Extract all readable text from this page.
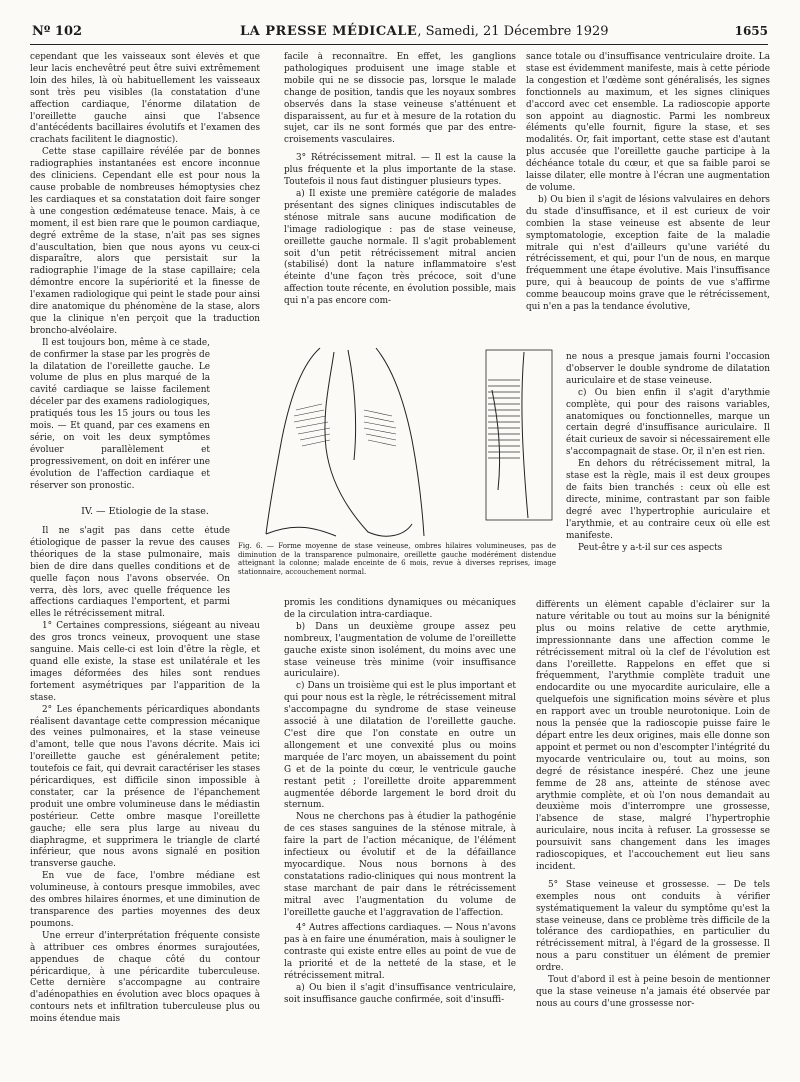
Nº 102	LA PRESSE MÉDICALE, Samedi, 21 Décembre 1929	1655

cependant que les vaisseaux sont élevés et que leur lacis enchevêtré peut être suivi extrêmement loin des hiles, là où habituellement les vaisseaux sont très peu visibles (la constatation d'une affection cardiaque, l'énorme dilatation de l'oreillette gauche ainsi que l'absence d'antécédents bacillaires évolutifs et l'examen des crachats facilitent le diagnostic).

Cette stase capillaire révélée par de bonnes radiographies instantanées est encore inconnue des cliniciens. Cependant elle est pour nous la cause probable de nombreuses hémoptysies chez les cardiaques et sa constatation doit faire songer à une congestion œdémateuse tenace. Mais, à ce moment, il est bien rare que le poumon cardiaque, degré extrême de la stase, n'ait pas ses signes d'auscultation, bien que nous ayons vu ceux-ci disparaître, alors que persistait sur la radiographie l'image de la stase capillaire; cela démontre encore la supériorité et la finesse de l'examen radiologique qui peint le stade pour ainsi dire anatomique du phénomène de la stase, alors que la clinique n'en perçoit que la traduction broncho-alvéolaire.

Il est toujours bon, même à ce stade, de confirmer la stase par les progrès de la dilatation de l'oreillette gauche. Le volume de plus en plus marqué de la cavité cardiaque se laisse facilement déceler par des examens radiologiques, pratiqués tous les 15 jours ou tous les mois. — Et quand, par ces examens en série, on voit les deux symptômes évoluer parallèlement et progressivement, on doit en inférer une évolution de l'affection cardiaque et réserver son pronostic.

IV. — Etiologie de la stase.

Il ne s'agit pas dans cette étude étiologique de passer la revue des causes théoriques de la stase pulmonaire, mais bien de dire dans quelles conditions et de quelle façon nous l'avons observée. On verra, dès lors, avec quelle fréquence les affections cardiaques l'emportent, et parmi elles le rétrécissement mitral.

1° Certaines compressions, siégeant au niveau des gros troncs veineux, provoquent une stase sanguine. Mais celle-ci est loin d'être la règle, et quand elle existe, la stase est unilatérale et les images déformées des hiles sont rendues fortement asymétriques par l'apparition de la stase.

2° Les épanchements péricardiques abondants réalisent davantage cette compression mécanique des veines pulmonaires, et la stase veineuse d'amont, telle que nous l'avons décrite. Mais ici l'oreillette gauche est généralement petite; toutefois ce fait, qui devrait caractériser les stases péricardiques, est difficile sinon impossible à constater, car la présence de l'épanchement produit une ombre volumineuse dans le médiastin postérieur. Cette ombre masque l'oreillette gauche; elle sera plus large au niveau du diaphragme, et supprimera le triangle de clarté inférieur, que nous avons signalé en position transverse gauche.

En vue de face, l'ombre médiane est volumineuse, à contours presque immobiles, avec des ombres hilaires énormes, et une diminution de transparence des parties moyennes des deux poumons.

Une erreur d'interprétation fréquente consiste à attribuer ces ombres énormes surajoutées, appendues de chaque côté du contour péricardique, à une péricardite tuberculeuse. Cette dernière s'accompagne au contraire d'adénopathies en évolution avec blocs opaques à contours nets et infiltration tuberculeuse plus ou moins étendue mais

facile à reconnaître. En effet, les ganglions pathologiques produisent une image stable et mobile qui ne se dissocie pas, lorsque le malade change de position, tandis que les noyaux sombres observés dans la stase veineuse s'atténuent et disparaissent, au fur et à mesure de la rotation du sujet, car ils ne sont formés que par des entre-croisements vasculaires.

3° Rétrécissement mitral. — Il est la cause la plus fréquente et la plus importante de la stase. Toutefois il nous faut distinguer plusieurs types.

a) Il existe une première catégorie de malades présentant des signes cliniques indiscutables de sténose mitrale sans aucune modification de l'image radiologique : pas de stase veineuse, oreillette gauche normale. Il s'agit probablement soit d'un petit rétrécissement mitral ancien (stabilisé) dont la nature inflammatoire s'est éteinte d'une façon très précoce, soit d'une affection toute récente, en évolution possible, mais qui n'a pas encore com-

sance totale ou d'insuffisance ventriculaire droite. La stase est évidemment manifeste, mais à cette période la congestion et l'œdème sont généralisés, les signes fonctionnels au maximum, et les signes cliniques d'accord avec cet ensemble. La radioscopie apporte son appoint au diagnostic. Parmi les nombreux éléments qu'elle fournit, figure la stase, et ses modalités. Or, fait important, cette stase est d'autant plus accusée que l'oreillette gauche participe à la déchéance totale du cœur, et que sa faible paroi se laisse dilater, elle montre à l'écran une augmentation de volume.

b) Ou bien il s'agit de lésions valvulaires en dehors du stade d'insuffisance, et il est curieux de voir combien la stase veineuse est absente de leur symptomatologie, exception faite de la maladie mitrale qui n'est d'ailleurs qu'une variété du rétrécissement, et qui, pour l'un de nous, en marque fréquemment une étape évolutive. Mais l'insuffisance pure, qui à beaucoup de points de vue s'affirme comme beaucoup moins grave que le rétrécissement, qui n'en a pas la tendance évolutive,

Fig. 6. — Forme moyenne de stase veineuse, ombres hilaires volumineuses, pas de diminution de la transparence pulmonaire, oreillette gauche modérément distendue atteignant la colonne; malade enceinte de 6 mois, revue à diverses reprises, image stationnaire, accouchement normal.

ne nous a presque jamais fourni l'occasion d'observer le double syndrome de dilatation auriculaire et de stase veineuse.

c) Ou bien enfin il s'agit d'arythmie complète, qui pour des raisons variables, anatomiques ou fonctionnelles, marque un certain degré d'insuffisance auriculaire. Il était curieux de savoir si nécessairement elle s'accompagnait de stase. Or, il n'en est rien.

En dehors du rétrécissement mitral, la stase est la règle, mais il est deux groupes de faits bien tranchés : ceux où elle est directe, minime, contrastant par son faible degré avec l'hypertrophie auriculaire et l'arythmie, et au contraire ceux où elle est manifeste.

Peut-être y a-t-il sur ces aspects

promis les conditions dynamiques ou mécaniques de la circulation intra-cardiaque.

b) Dans un deuxième groupe assez peu nombreux, l'augmentation de volume de l'oreillette gauche existe sinon isolément, du moins avec une stase veineuse très minime (voir insuffisance auriculaire).

c) Dans un troisième qui est le plus important et qui pour nous est la règle, le rétrécissement mitral s'accompagne du syndrome de stase veineuse associé à une dilatation de l'oreillette gauche. C'est dire que l'on constate en outre un allongement et une convexité plus ou moins marquée de l'arc moyen, un abaissement du point G et de la pointe du cœur, le ventricule gauche restant petit ; l'oreillette droite apparemment augmentée déborde largement le bord droit du sternum.

Nous ne cherchons pas à étudier la pathogénie de ces stases sanguines de la sténose mitrale, à faire la part de l'action mécanique, de l'élément infectieux ou évolutif et de la défaillance myocardique. Nous nous bornons à des constatations radio-cliniques qui nous montrent la stase marchant de pair dans le rétrécissement mitral avec l'augmentation du volume de l'oreillette gauche et l'aggravation de l'affection.

4° Autres affections cardiaques. — Nous n'avons pas à en faire une énumération, mais à souligner le contraste qui existe entre elles au point de vue de la priorité et de la netteté de la stase, et le rétrécissement mitral.

a) Ou bien il s'agit d'insuffisance ventriculaire, soit insuffisance gauche confirmée, soit d'insuffi-

différents un élément capable d'éclairer sur la nature véritable ou tout au moins sur la bénignité plus ou moins relative de cette arythmie, impressionnante dans une affection comme le rétrécissement mitral où la clef de l'évolution est dans l'oreillette. Rappelons en effet que si fréquemment, l'arythmie complète traduit une endocardite ou une myocardite auriculaire, elle a quelquefois une signification moins sévère et plus en rapport avec un trouble neurotonique. Loin de nous la pensée que la radioscopie puisse faire le départ entre les deux origines, mais elle donne son appoint et permet ou non d'escompter l'intégrité du myocarde ventriculaire ou, tout au moins, son degré de résistance inespéré. Chez une jeune femme de 28 ans, atteinte de sténose avec arythmie complète, et où l'on nous demandait au deuxième mois d'interrompre une grossesse, l'absence de stase, malgré l'hypertrophie auriculaire, nous incita à refuser. La grossesse se poursuivit sans changement dans les images radioscopiques, et l'accouchement eut lieu sans incident.

5° Stase veineuse et grossesse. — De tels exemples nous ont conduits à vérifier systématiquement la valeur du symptôme qu'est la stase veineuse, dans ce problème très difficile de la tolérance des cardiopathies, en particulier du rétrécissement mitral, à l'égard de la grossesse. Il nous a paru constituer un élément de premier ordre.

Tout d'abord il est à peine besoin de mentionner que la stase veineuse n'a jamais été observée par nous au cours d'une grossesse nor-
